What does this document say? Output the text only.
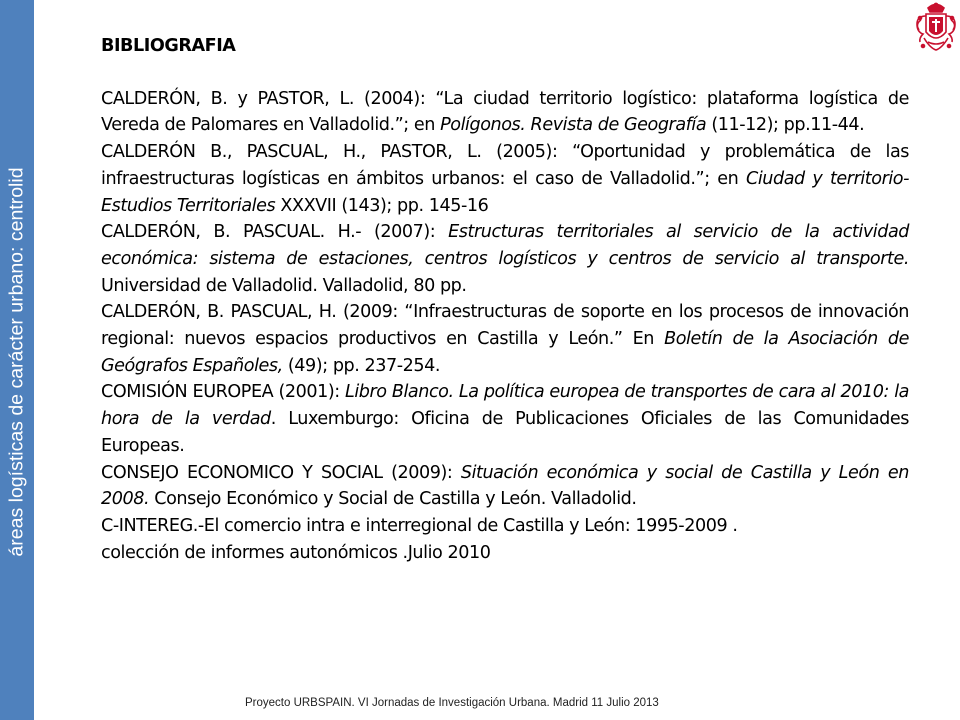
áreas logísticas de carácter urbano: centrolid
BIBLIOGRAFIA

CALDERÓN, B. y PASTOR, L. (2004): “La ciudad territorio logístico: plataforma logística de Vereda de Palomares en Valladolid.”; en Polígonos. Revista de Geografía (11-12); pp.11-44.

CALDERÓN B., PASCUAL, H., PASTOR, L. (2005): “Oportunidad y problemática de las infraestructuras logísticas en ámbitos urbanos: el caso de Valladolid.”; en Ciudad y territorio-Estudios Territoriales XXXVII (143); pp. 145-16

CALDERÓN, B. PASCUAL. H.- (2007): Estructuras territoriales al servicio de la actividad económica: sistema de estaciones, centros logísticos y centros de servicio al transporte. Universidad de Valladolid. Valladolid, 80 pp.

CALDERÓN, B. PASCUAL, H. (2009: “Infraestructuras de soporte en los procesos de innovación regional: nuevos espacios productivos en Castilla y León.” En Boletín de la Asociación de Geógrafos Españoles, (49); pp. 237-254.

COMISIÓN EUROPEA (2001): Libro Blanco. La política europea de transportes de cara al 2010: la hora de la verdad. Luxemburgo: Oficina de Publicaciones Oficiales de las Comunidades Europeas.

CONSEJO ECONOMICO Y SOCIAL (2009): Situación económica y social de Castilla y León en 2008. Consejo Económico y Social de Castilla y León. Valladolid.

C-INTEREG.-El comercio intra e interregional de Castilla y León: 1995-2009 .

colección de informes autonómicos .Julio 2010

Proyecto URBSPAIN. VI Jornadas de Investigación Urbana. Madrid 11 Julio 2013
